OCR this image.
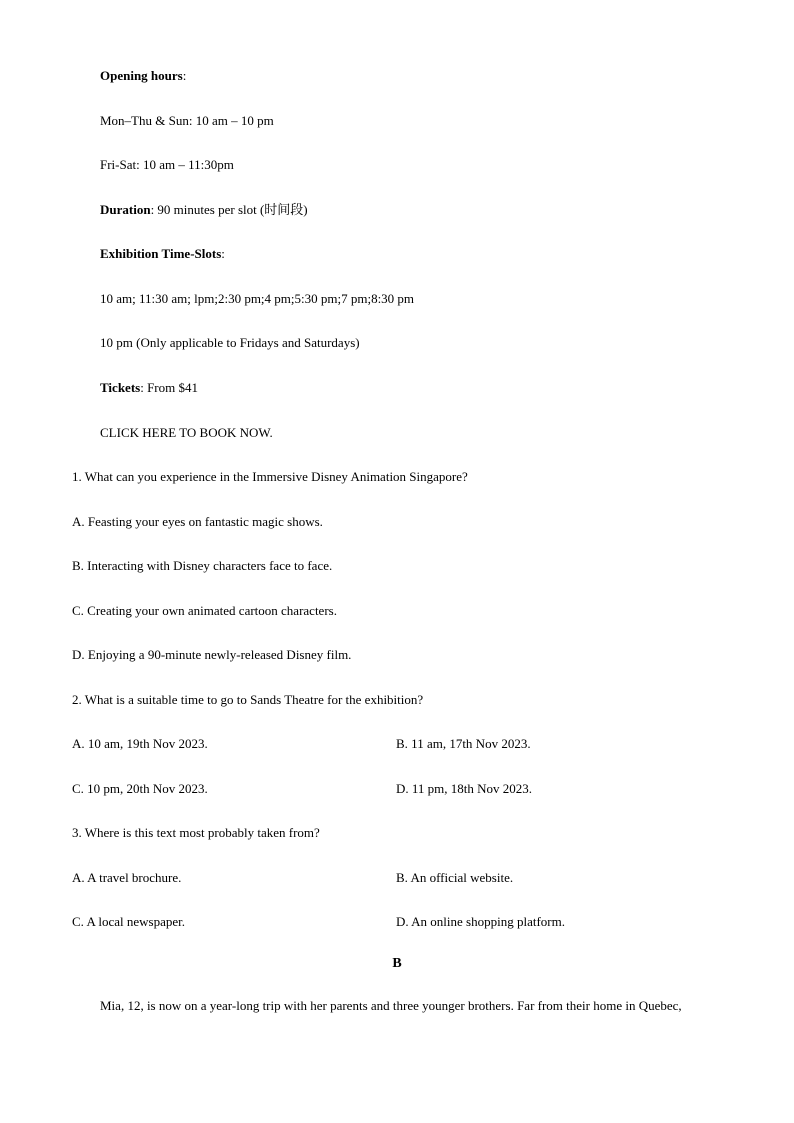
Opening hours:
Mon–Thu & Sun: 10 am – 10 pm
Fri-Sat: 10 am – 11:30pm
Duration: 90 minutes per slot (时间段)
Exhibition Time-Slots:
10 am; 11:30 am; lpm;2:30 pm;4 pm;5:30 pm;7 pm;8:30 pm
10 pm (Only applicable to Fridays and Saturdays)
Tickets: From $41
CLICK HERE TO BOOK NOW.
1. What can you experience in the Immersive Disney Animation Singapore?
A. Feasting your eyes on fantastic magic shows.
B. Interacting with Disney characters face to face.
C. Creating your own animated cartoon characters.
D. Enjoying a 90-minute newly-released Disney film.
2. What is a suitable time to go to Sands Theatre for the exhibition?
A. 10 am, 19th Nov 2023.	B. 11 am, 17th Nov 2023.
C. 10 pm, 20th Nov 2023.	D. 11 pm, 18th Nov 2023.
3. Where is this text most probably taken from?
A. A travel brochure.	B. An official website.
C. A local newspaper.	D. An online shopping platform.
B
Mia, 12, is now on a year-long trip with her parents and three younger brothers. Far from their home in Quebec,
